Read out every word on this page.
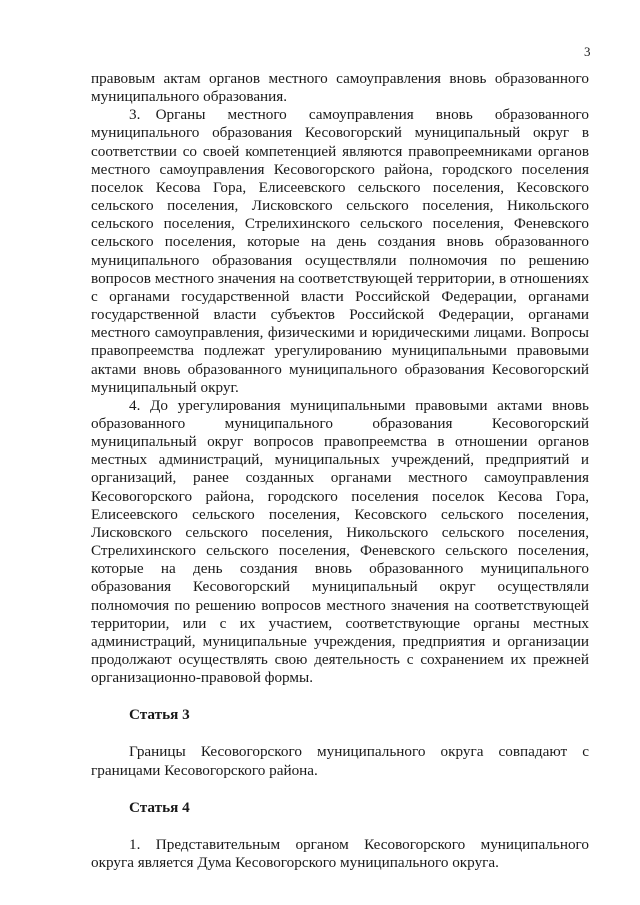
3

правовым актам органов местного самоуправления вновь образованного муниципального образования.

3. Органы местного самоуправления вновь образованного муниципального образования Кесовогорский муниципальный округ в соответствии со своей компетенцией являются правопреемниками органов местного самоуправления Кесовогорского района, городского поселения поселок Кесова Гора, Елисеевского сельского поселения, Кесовского сельского поселения, Лисковского сельского поселения, Никольского сельского поселения, Стрелихинского сельского поселения, Феневского сельского поселения, которые на день создания вновь образованного муниципального образования осуществляли полномочия по решению вопросов местного значения на соответствующей территории, в отношениях с органами государственной власти Российской Федерации, органами государственной власти субъектов Российской Федерации, органами местного самоуправления, физическими и юридическими лицами. Вопросы правопреемства подлежат урегулированию муниципальными правовыми актами вновь образованного муниципального образования Кесовогорский муниципальный округ.

4. До урегулирования муниципальными правовыми актами вновь образованного муниципального образования Кесовогорский муниципальный округ вопросов правопреемства в отношении органов местных администраций, муниципальных учреждений, предприятий и организаций, ранее созданных органами местного самоуправления Кесовогорского района, городского поселения поселок Кесова Гора, Елисеевского сельского поселения, Кесовского сельского поселения, Лисковского сельского поселения, Никольского сельского поселения, Стрелихинского сельского поселения, Феневского сельского поселения, которые на день создания вновь образованного муниципального образования Кесовогорский муниципальный округ осуществляли полномочия по решению вопросов местного значения на соответствующей территории, или с их участием, соответствующие органы местных администраций, муниципальные учреждения, предприятия и организации продолжают осуществлять свою деятельность с сохранением их прежней организационно-правовой формы.

Статья 3

Границы Кесовогорского муниципального округа совпадают с границами Кесовогорского района.

Статья 4

1. Представительным органом Кесовогорского муниципального округа является Дума Кесовогорского муниципального округа.
